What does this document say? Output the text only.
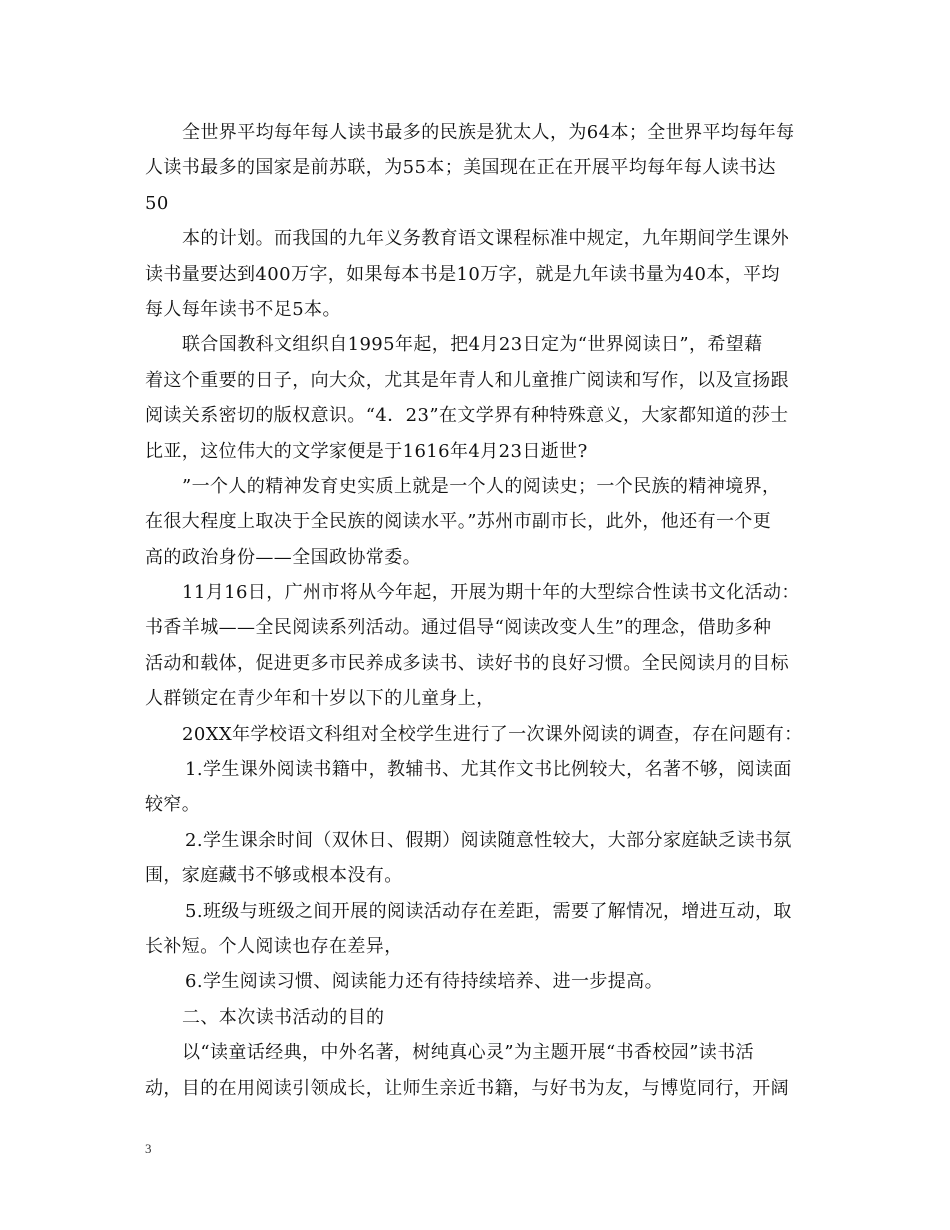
全世界平均每年每人读书最多的民族是犹太人，为64本；全世界平均每年每
人读书最多的国家是前苏联，为55本；美国现在正在开展平均每年每人读书达
50
本的计划。而我国的九年义务教育语文课程标准中规定，九年期间学生课外
读书量要达到400万字，如果每本书是10万字，就是九年读书量为40本，平均
每人每年读书不足5本。
联合国教科文组织自1995年起，把4月23日定为“世界阅读日”，希望藉
着这个重要的日子，向大众，尤其是年青人和儿童推广阅读和写作，以及宣扬跟
阅读关系密切的版权意识。“4．23”在文学界有种特殊意义，大家都知道的莎士
比亚，这位伟大的文学家便是于1616年4月23日逝世?
”一个人的精神发育史实质上就是一个人的阅读史；一个民族的精神境界，
在很大程度上取决于全民族的阅读水平。”苏州市副市长，此外，他还有一个更
高的政治身份——全国政协常委。
11月16日，广州市将从今年起，开展为期十年的大型综合性读书文化活动：
书香羊城——全民阅读系列活动。通过倡导“阅读改变人生”的理念，借助多种
活动和载体，促进更多市民养成多读书、读好书的良好习惯。全民阅读月的目标
人群锁定在青少年和十岁以下的儿童身上，
20XX年学校语文科组对全校学生进行了一次课外阅读的调查，存在问题有：
1.学生课外阅读书籍中，教辅书、尤其作文书比例较大，名著不够，阅读面
较窄。
2.学生课余时间（双休日、假期）阅读随意性较大，大部分家庭缺乏读书氛
围，家庭藏书不够或根本没有。
5.班级与班级之间开展的阅读活动存在差距，需要了解情况，增进互动，取
长补短。个人阅读也存在差异，
6.学生阅读习惯、阅读能力还有待持续培养、进一步提高。
二、本次读书活动的目的
以“读童话经典，中外名著，树纯真心灵”为主题开展“书香校园”读书活
动，目的在用阅读引领成长，让师生亲近书籍，与好书为友，与博览同行，开阔
3
